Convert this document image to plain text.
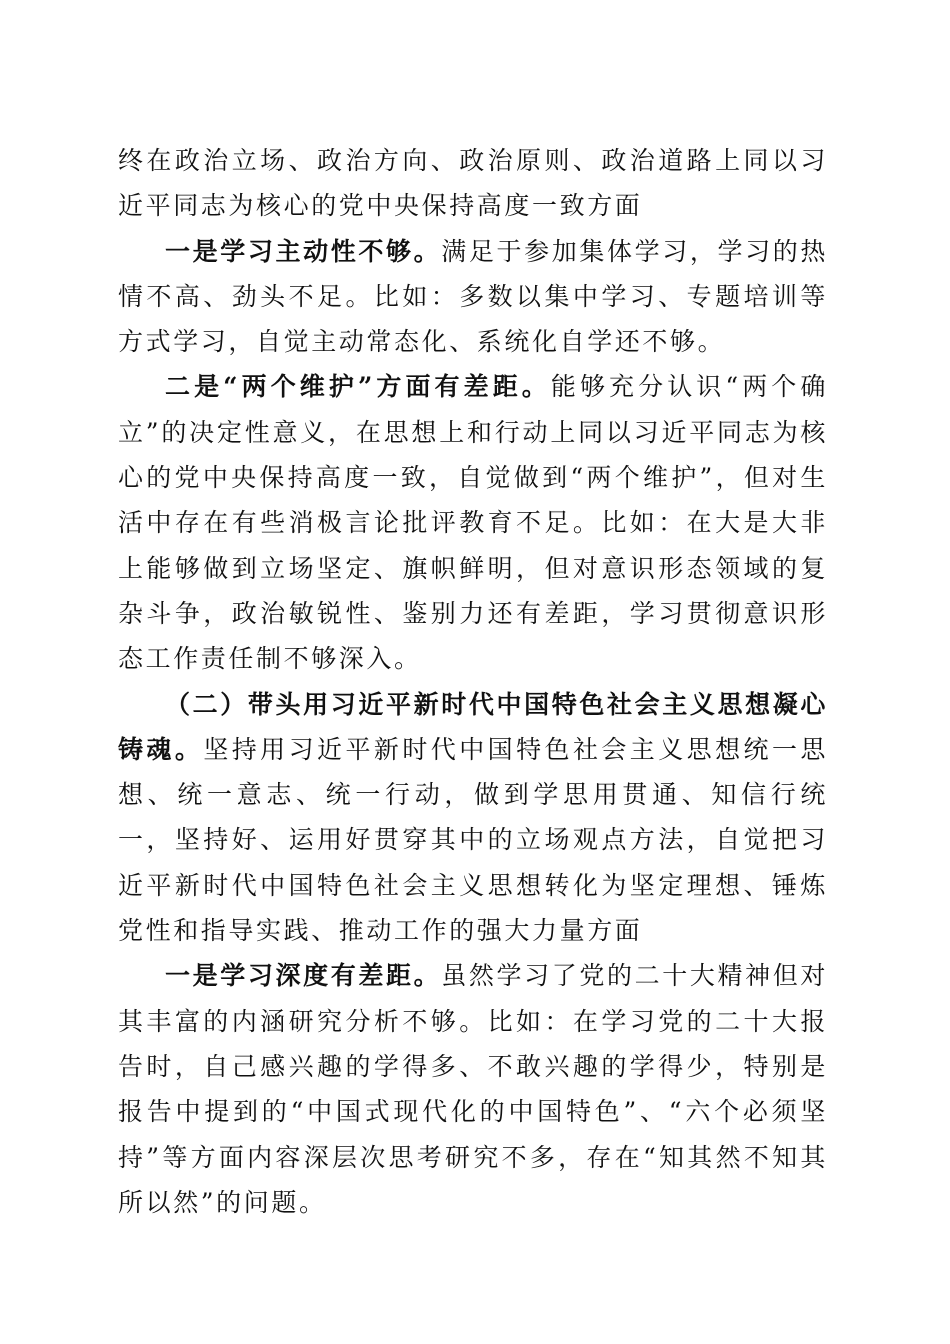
终在政治立场、政治方向、政治原则、政治道路上同以习近平同志为核心的党中央保持高度一致方面

一是学习主动性不够。满足于参加集体学习，学习的热情不高、劲头不足。比如：多数以集中学习、专题培训等方式学习，自觉主动常态化、系统化自学还不够。

二是“两个维护”方面有差距。能够充分认识“两个确立”的决定性意义，在思想上和行动上同以习近平同志为核心的党中央保持高度一致，自觉做到“两个维护”，但对生活中存在有些消极言论批评教育不足。比如：在大是大非上能够做到立场坚定、旗帜鲜明，但对意识形态领域的复杂斗争，政治敏锐性、鉴别力还有差距，学习贯彻意识形态工作责任制不够深入。

（二）带头用习近平新时代中国特色社会主义思想凝心铸魂。坚持用习近平新时代中国特色社会主义思想统一思想、统一意志、统一行动，做到学思用贯通、知信行统一，坚持好、运用好贯穿其中的立场观点方法，自觉把习近平新时代中国特色社会主义思想转化为坚定理想、锤炼党性和指导实践、推动工作的强大力量方面

一是学习深度有差距。虽然学习了党的二十大精神但对其丰富的内涵研究分析不够。比如：在学习党的二十大报告时，自己感兴趣的学得多、不敢兴趣的学得少，特别是报告中提到的“中国式现代化的中国特色”、“六个必须坚持”等方面内容深层次思考研究不多，存在“知其然不知其所以然”的问题。
